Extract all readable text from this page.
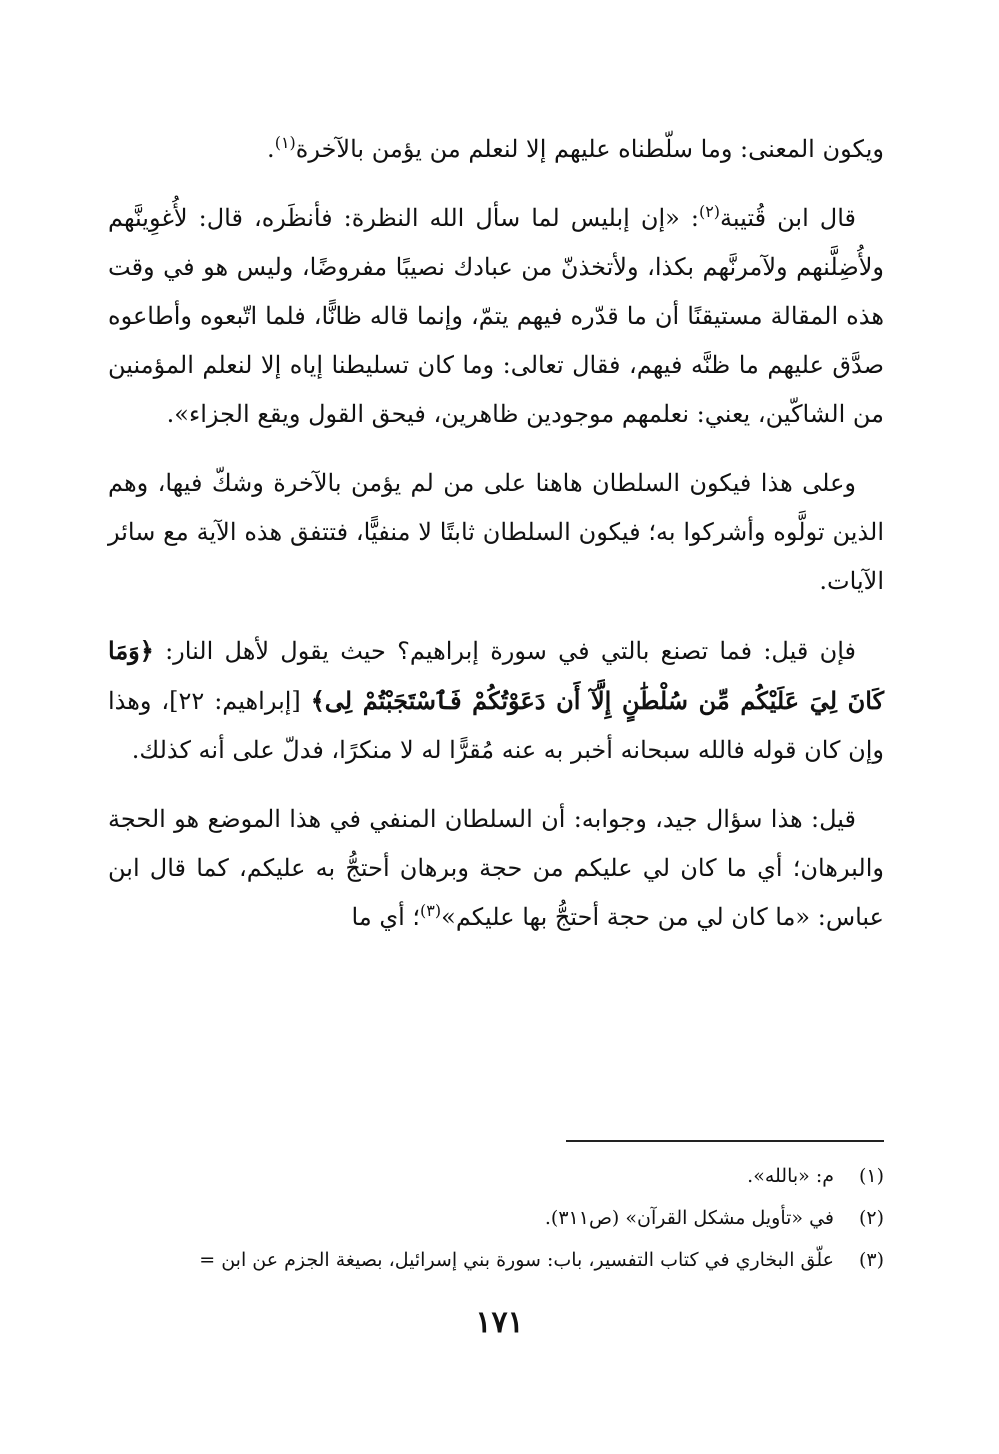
ويكون المعنى: وما سلّطناه عليهم إلا لنعلم من يؤمن بالآخرة$^{(١)}$.
قال ابن قُتيبة$^{(٢)}$: «إن إبليس لما سأل الله النظرة: فأنظَره، قال: لأُغوِينَّهم ولأُضِلَّنهم ولآمرنَّهم بكذا، ولأتخذنّ من عبادك نصيبًا مفروضًا، وليس هو في وقت هذه المقالة مستيقنًا أن ما قدّره فيهم يتمّ، وإنما قاله ظانًّا، فلما اتّبعوه وأطاعوه صدَّق عليهم ما ظنَّه فيهم، فقال تعالى: وما كان تسليطنا إياه إلا لنعلم المؤمنين من الشاكّين، يعني: نعلمهم موجودين ظاهرين، فيحق القول ويقع الجزاء».
وعلى هذا فيكون السلطان هاهنا على من لم يؤمن بالآخرة وشكّ فيها، وهم الذين تولَّوه وأشركوا به؛ فيكون السلطان ثابتًا لا منفيًّا، فتتفق هذه الآية مع سائر الآيات.
فإن قيل: فما تصنع بالتي في سورة إبراهيم؟ حيث يقول لأهل النار: ﴿وَمَا كَانَ لِيَ عَلَيْكُم مِّن سُلْطَٰنٍ إِلَّآ أَن دَعَوْتُكُمْ فَٱسْتَجَبْتُمْ لِى﴾ [إبراهيم: ٢٢]، وهذا وإن كان قوله فالله سبحانه أخبر به عنه مُقرًّا له لا منكرًا، فدلّ على أنه كذلك.
قيل: هذا سؤال جيد، وجوابه: أن السلطان المنفي في هذا الموضع هو الحجة والبرهان؛ أي ما كان لي عليكم من حجة وبرهان أحتجُّ به عليكم، كما قال ابن عباس: «ما كان لي من حجة أحتجُّ بها عليكم»$^{(٣)}$؛ أي ما
(١)
م: «بالله».
(٢)
في «تأويل مشكل القرآن» (ص٣١١).
(٣)
علّق البخاري في كتاب التفسير، باب: سورة بني إسرائيل، بصيغة الجزم عن ابن =
١٧١
